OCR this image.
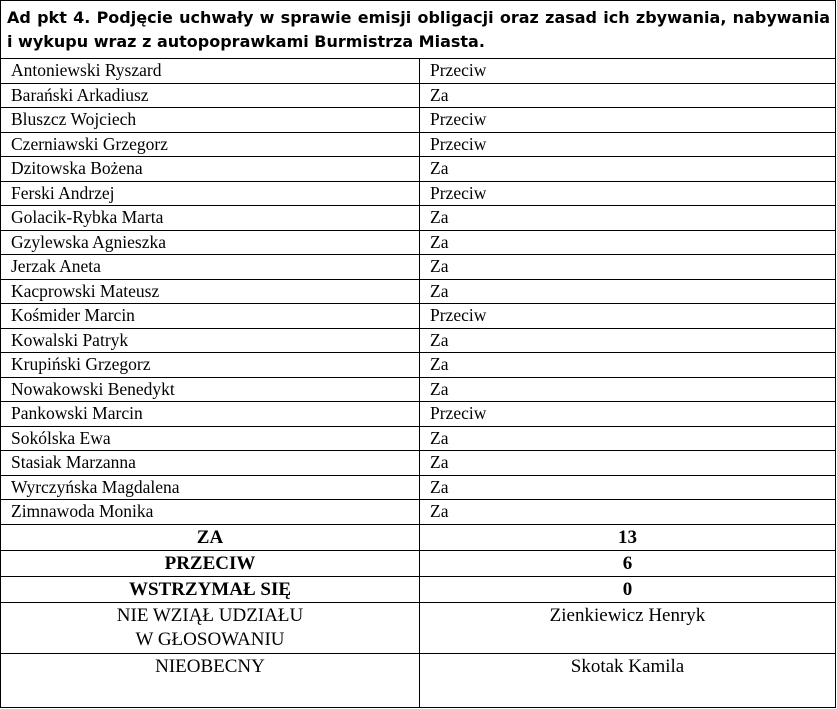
Ad pkt 4. Podjęcie uchwały w sprawie emisji obligacji oraz zasad ich zbywania, nabywania i wykupu wraz z autopoprawkami Burmistrza Miasta.	
Antoniewski Ryszard	Przeciw
Barański Arkadiusz	Za
Bluszcz Wojciech	Przeciw
Czerniawski Grzegorz	Przeciw
Dzitowska Bożena	Za
Ferski Andrzej	Przeciw
Golacik-Rybka Marta	Za
Gzylewska Agnieszka	Za
Jerzak Aneta	Za
Kacprowski Mateusz	Za
Kośmider Marcin	Przeciw
Kowalski Patryk	Za
Krupiński Grzegorz	Za
Nowakowski Benedykt	Za
Pankowski Marcin	Przeciw
Sokólska Ewa	Za
Stasiak Marzanna	Za
Wyrczyńska Magdalena	Za
Zimnawoda Monika	Za
ZA	13
PRZECIW	6
WSTRZYMAŁ SIĘ	0

NIE WZIĄŁ UDZIAŁU
W GŁOSOWANIU	Zienkiewicz Henryk
NIEOBECNY	Skotak Kamila
